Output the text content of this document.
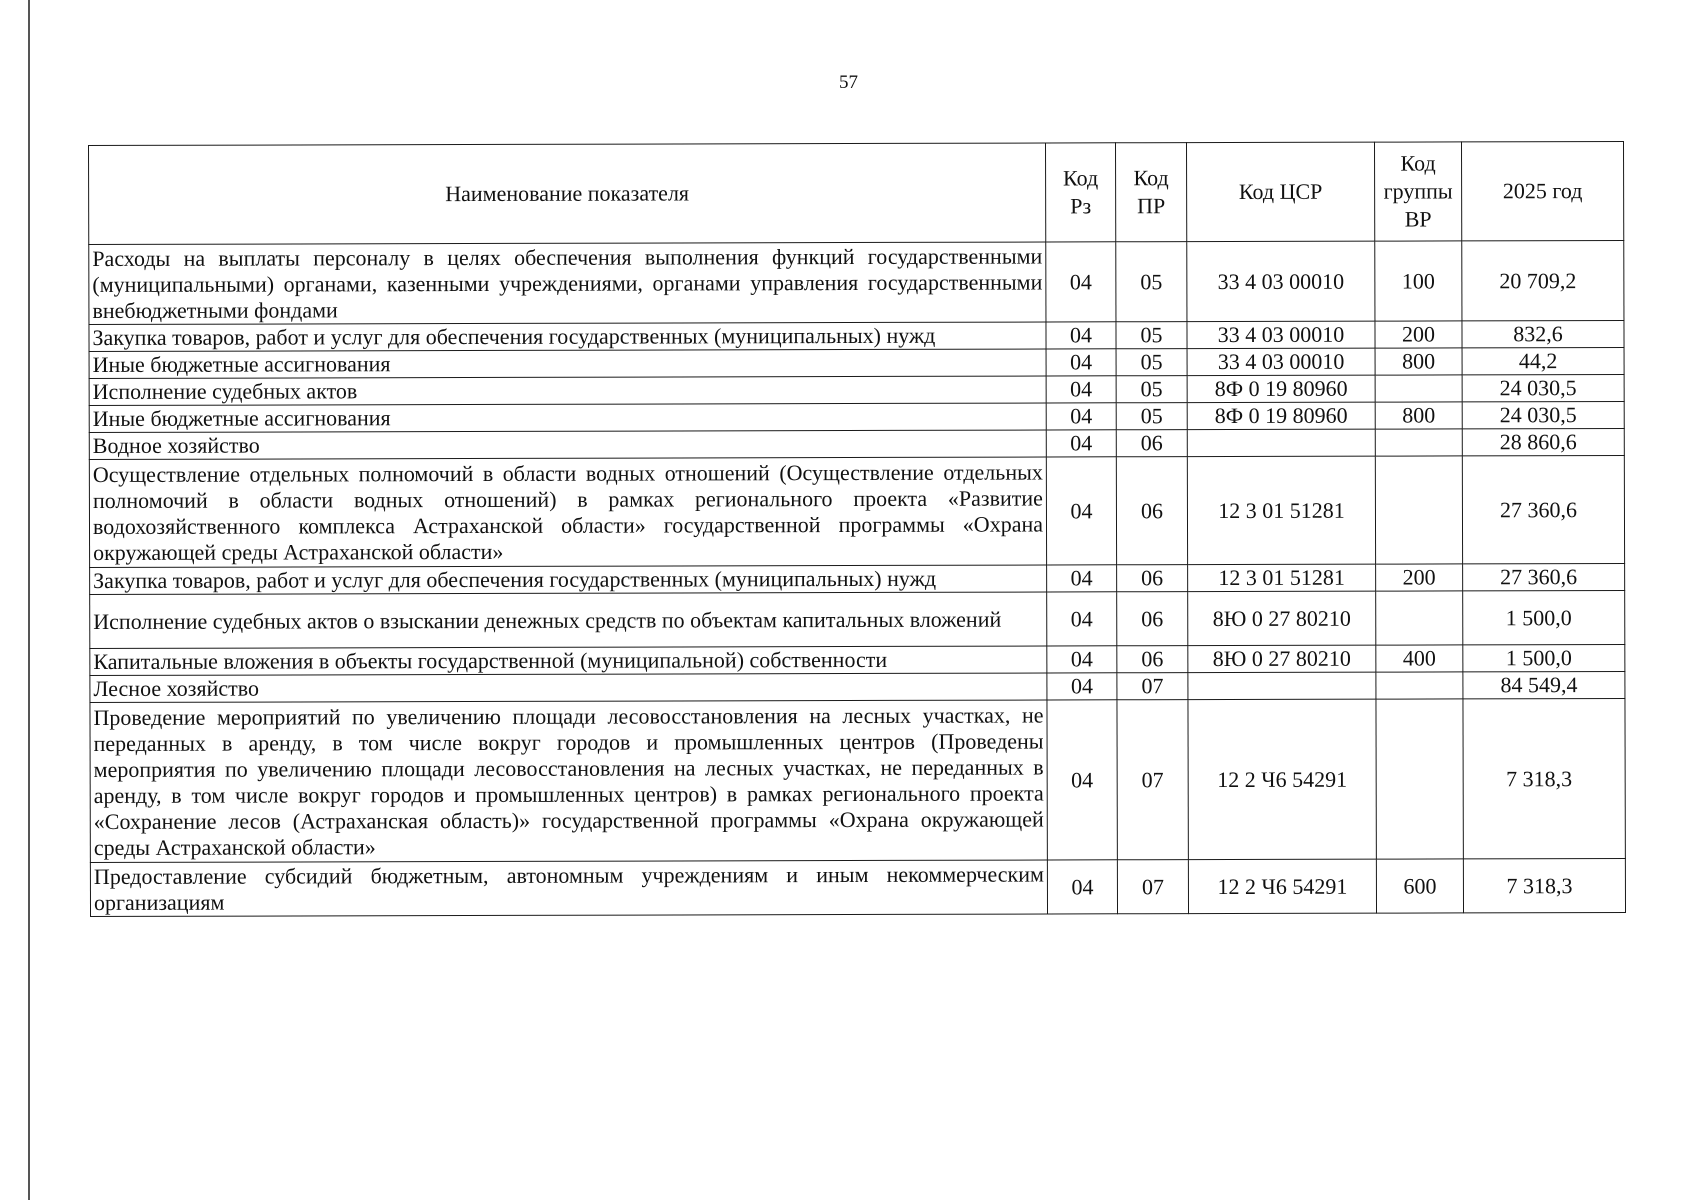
57
Наименование показателя	Код Рз	Код ПР	Код ЦСР	Код группы ВР	2025 год
Расходы на выплаты персоналу в целях обеспечения выполнения функций государственными (муниципальными) органами, казенными учреждениями, органами управления государственными внебюджетными фондами	04	05	33 4 03 00010	100	20 709,2
Закупка товаров, работ и услуг для обеспечения государственных (муниципальных) нужд	04	05	33 4 03 00010	200	832,6
Иные бюджетные ассигнования	04	05	33 4 03 00010	800	44,2
Исполнение судебных актов	04	05	8Ф 0 19 80960		24 030,5
Иные бюджетные ассигнования	04	05	8Ф 0 19 80960	800	24 030,5
Водное хозяйство	04	06			28 860,6
Осуществление отдельных полномочий в области водных отношений (Осуществление отдельных полномочий в области водных отношений) в рамках регионального проекта «Развитие водохозяйственного комплекса Астраханской области» государственной программы «Охрана окружающей среды Астраханской области»	04	06	12 3 01 51281		27 360,6
Закупка товаров, работ и услуг для обеспечения государственных (муниципальных) нужд	04	06	12 3 01 51281	200	27 360,6
Исполнение судебных актов о взыскании денежных средств по объектам капитальных вложений	04	06	8Ю 0 27 80210		1 500,0
Капитальные вложения в объекты государственной (муниципальной) собственности	04	06	8Ю 0 27 80210	400	1 500,0
Лесное хозяйство	04	07			84 549,4
Проведение мероприятий по увеличению площади лесовосстановления на лесных участках, не переданных в аренду, в том числе вокруг городов и промышленных центров (Проведены мероприятия по увеличению площади лесовосстановления на лесных участках, не переданных в аренду, в том числе вокруг городов и промышленных центров) в рамках регионального проекта «Сохранение лесов (Астраханская область)» государственной программы «Охрана окружающей среды Астраханской области»	04	07	12 2 Ч6 54291		7 318,3
Предоставление субсидий бюджетным, автономным учреждениям и иным некоммерческим организациям	04	07	12 2 Ч6 54291	600	7 318,3
